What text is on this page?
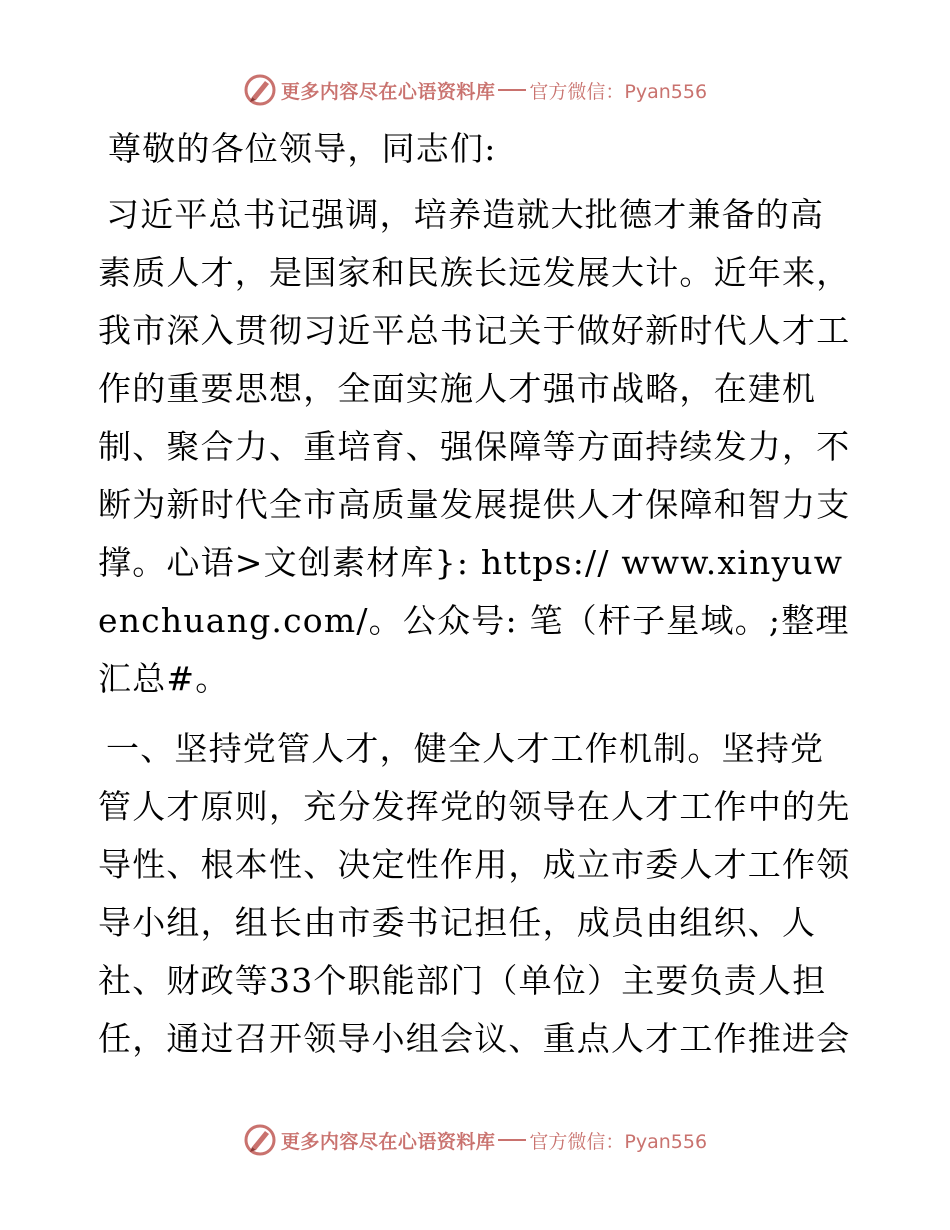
更多内容尽在心语资料库 官方微信：Pyan556

尊敬的各位领导，同志们:

习近平总书记强调，培养造就大批德才兼备的高素质人才，是国家和民族长远发展大计。近年来，我市深入贯彻习近平总书记关于做好新时代人才工作的重要思想，全面实施人才强市战略，在建机制、聚合力、重培育、强保障等方面持续发力，不断为新时代全市高质量发展提供人才保障和智力支撑。心语>文创素材库}: https:// www.xinyuwenchuang.com/。公众号: 笔（杆子星域。;整理汇总#。

一、坚持党管人才，健全人才工作机制。坚持党管人才原则，充分发挥党的领导在人才工作中的先导性、根本性、决定性作用，成立市委人才工作领导小组，组长由市委书记担任，成员由组织、人社、财政等33个职能部门（单位）主要负责人担任，通过召开领导小组会议、重点人才工作推进会

更多内容尽在心语资料库 官方微信：Pyan556
